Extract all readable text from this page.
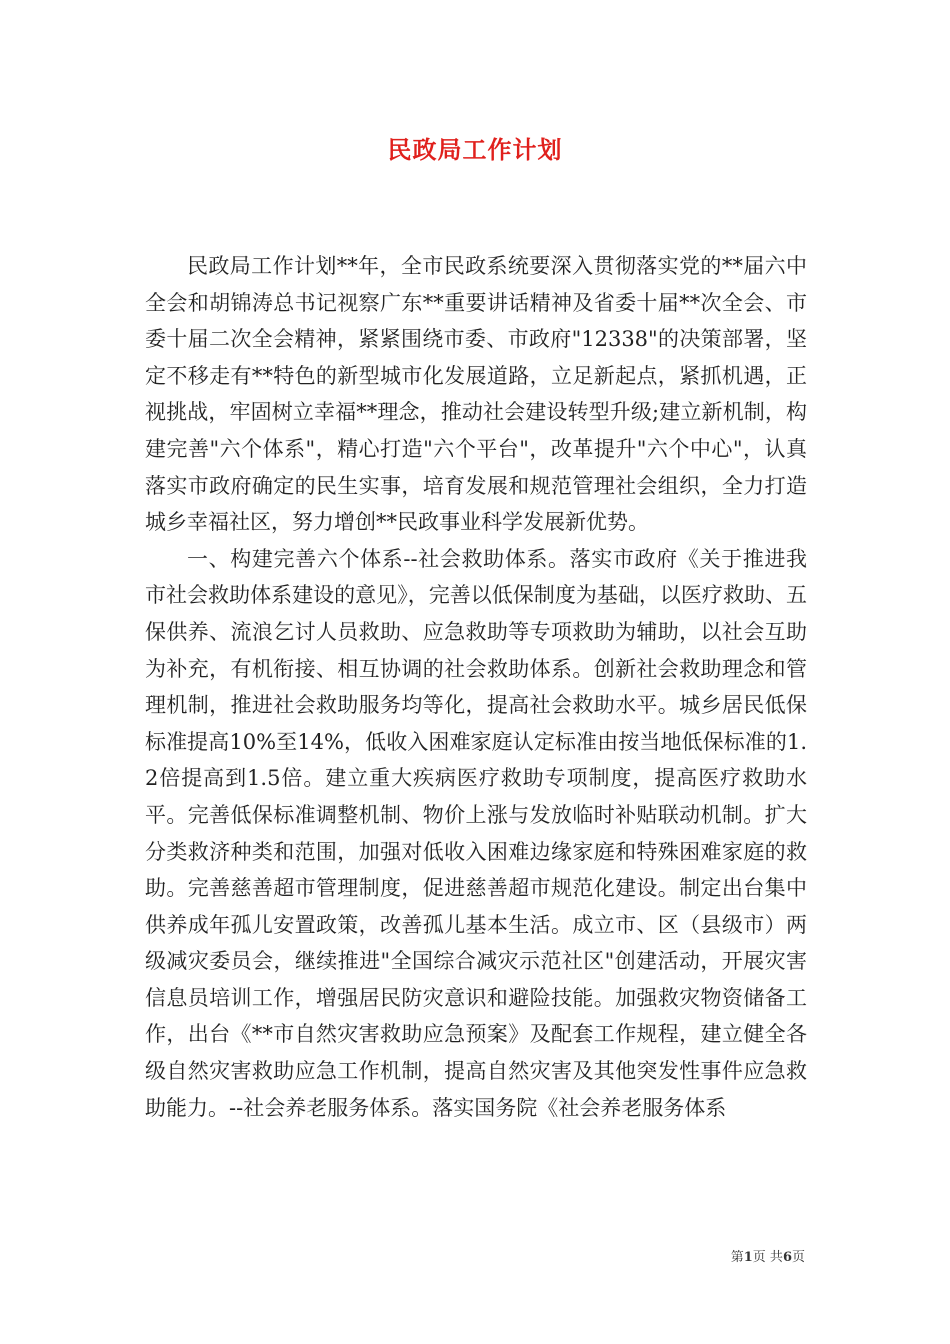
民政局工作计划

民政局工作计划**年，全市民政系统要深入贯彻落实党的**届六中全会和胡锦涛总书记视察广东**重要讲话精神及省委十届**次全会、市委十届二次全会精神，紧紧围绕市委、市政府"12338"的决策部署，坚定不移走有**特色的新型城市化发展道路，立足新起点，紧抓机遇，正视挑战，牢固树立幸福**理念，推动社会建设转型升级;建立新机制，构建完善"六个体系"，精心打造"六个平台"，改革提升"六个中心"，认真落实市政府确定的民生实事，培育发展和规范管理社会组织，全力打造城乡幸福社区，努力增创**民政事业科学发展新优势。

一、构建完善六个体系--社会救助体系。落实市政府《关于推进我市社会救助体系建设的意见》，完善以低保制度为基础，以医疗救助、五保供养、流浪乞讨人员救助、应急救助等专项救助为辅助，以社会互助为补充，有机衔接、相互协调的社会救助体系。创新社会救助理念和管理机制，推进社会救助服务均等化，提高社会救助水平。城乡居民低保标准提高10%至14%，低收入困难家庭认定标准由按当地低保标准的1.2倍提高到1.5倍。建立重大疾病医疗救助专项制度，提高医疗救助水平。完善低保标准调整机制、物价上涨与发放临时补贴联动机制。扩大分类救济种类和范围，加强对低收入困难边缘家庭和特殊困难家庭的救助。完善慈善超市管理制度，促进慈善超市规范化建设。制定出台集中供养成年孤儿安置政策，改善孤儿基本生活。成立市、区（县级市）两级减灾委员会，继续推进"全国综合减灾示范社区"创建活动，开展灾害信息员培训工作，增强居民防灾意识和避险技能。加强救灾物资储备工作，出台《**市自然灾害救助应急预案》及配套工作规程，建立健全各级自然灾害救助应急工作机制，提高自然灾害及其他突发性事件应急救助能力。--社会养老服务体系。落实国务院《社会养老服务体系

第1页 共6页
